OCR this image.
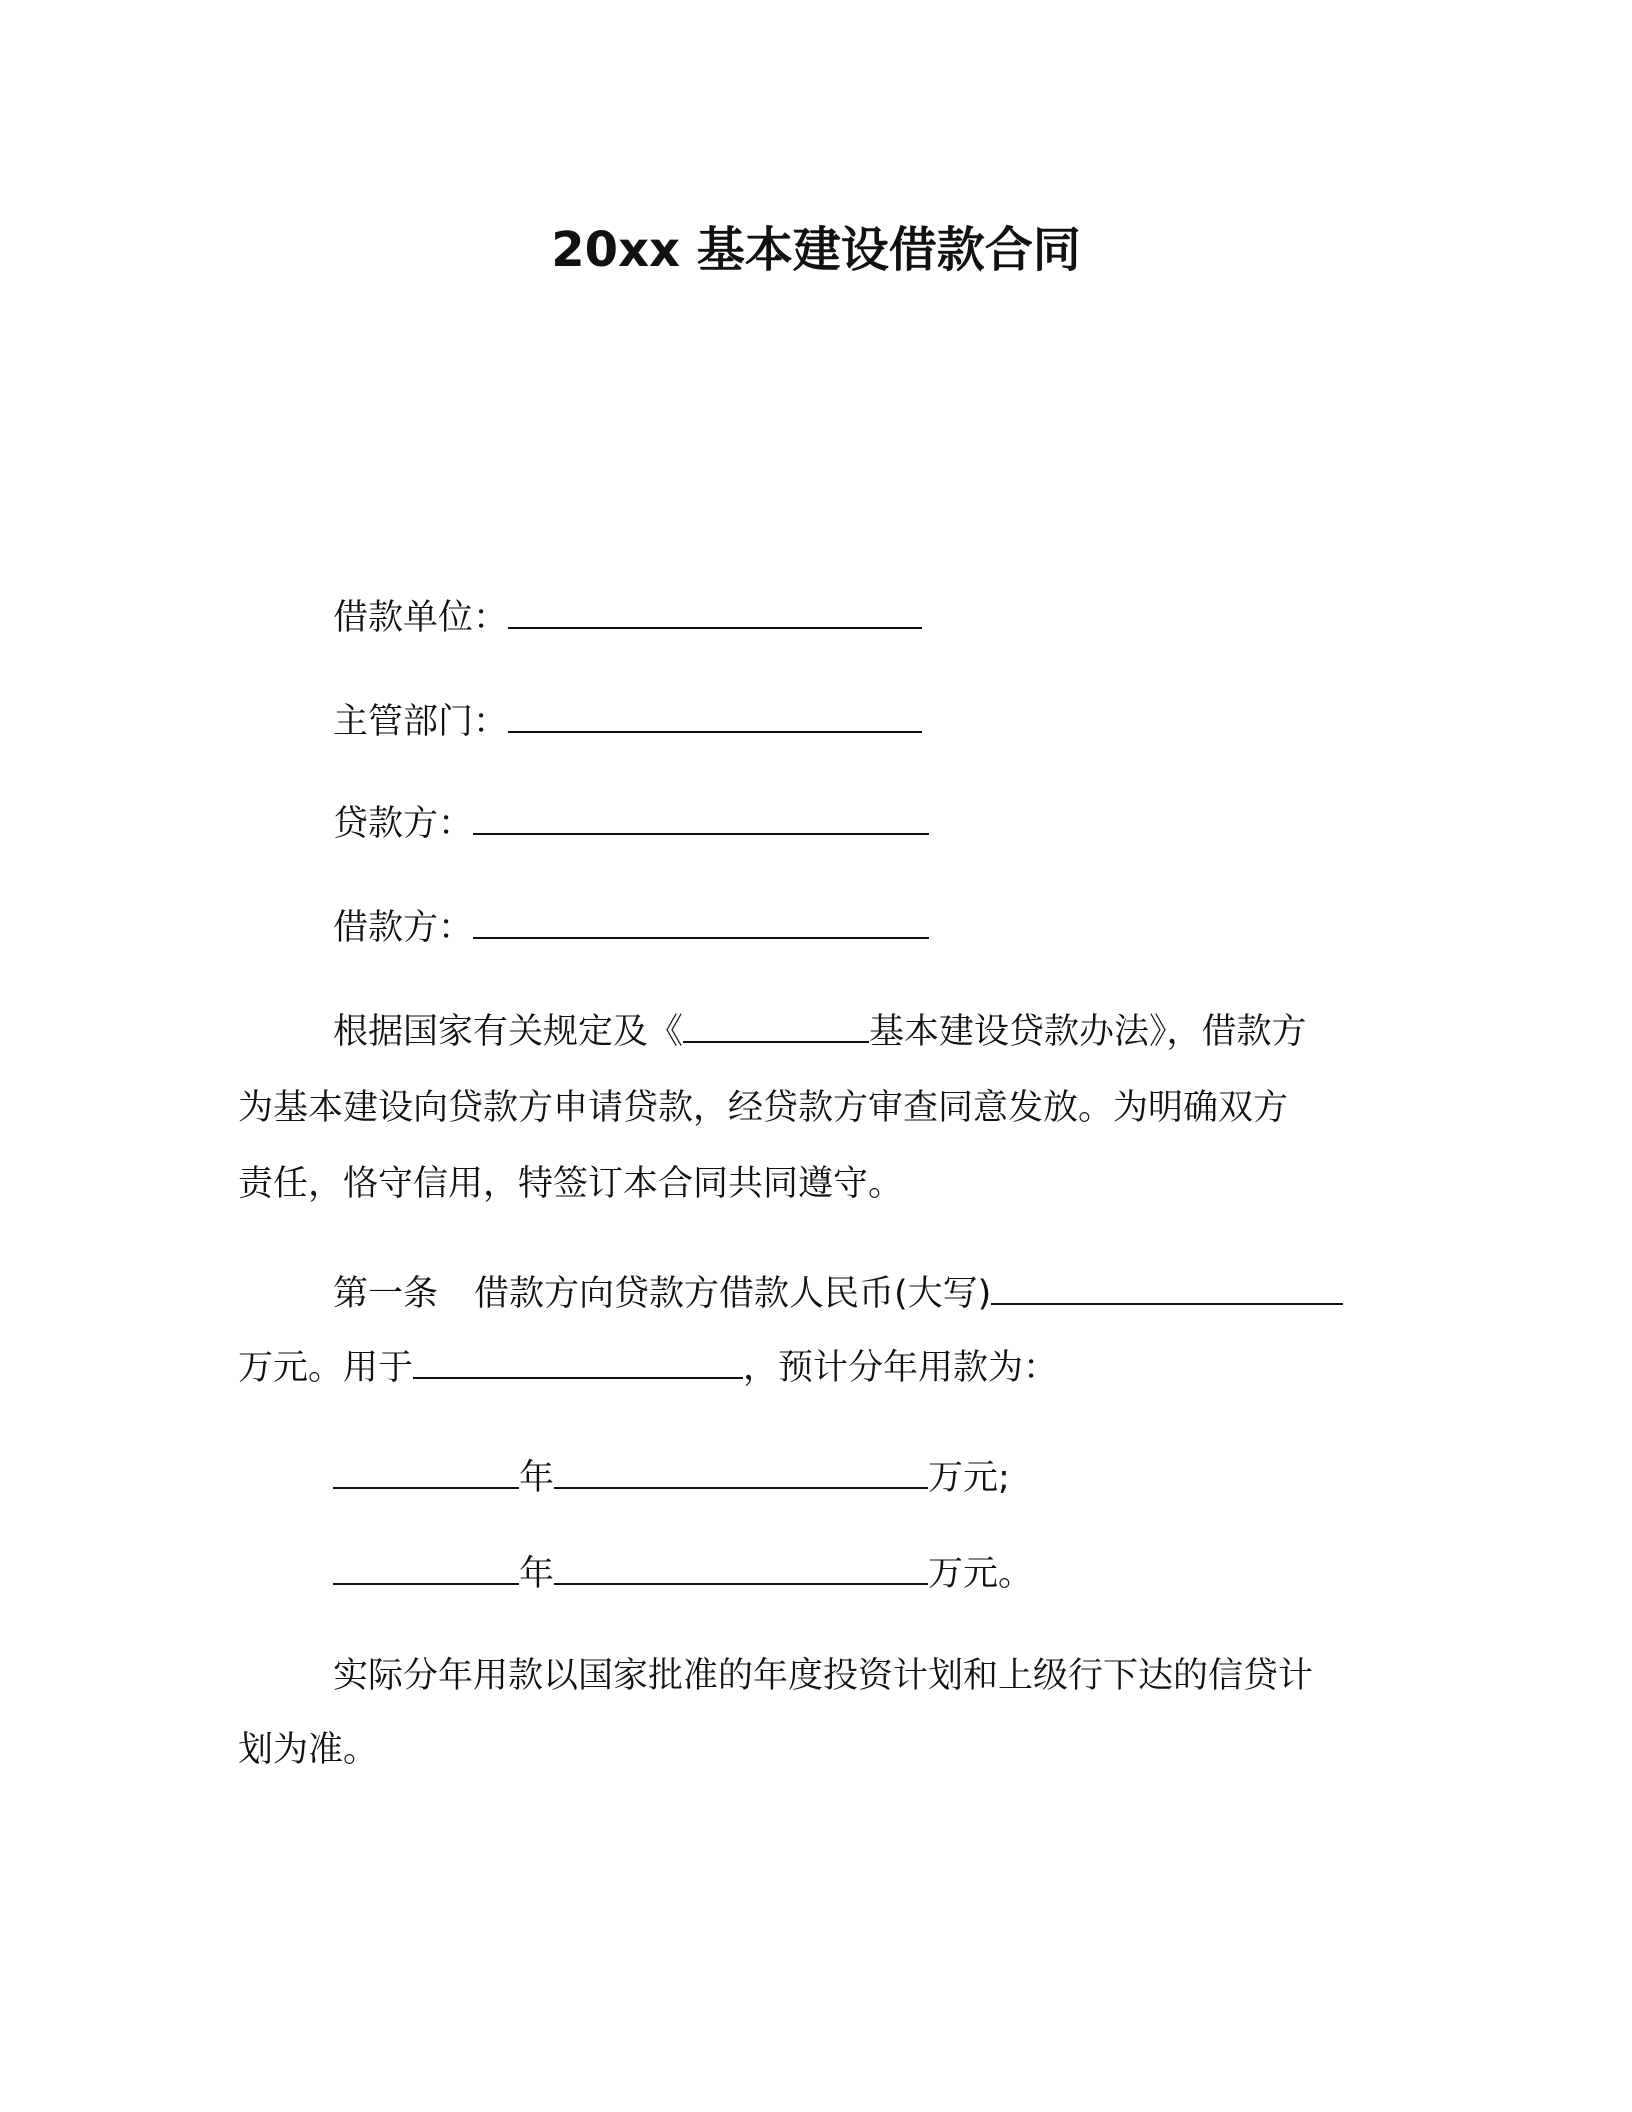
20xx 基本建设借款合同

借款单位：

主管部门：

贷款方：

借款方：

根据国家有关规定及《	基本建设贷款办法》，借款方

为基本建设向贷款方申请贷款，经贷款方审查同意发放。为明确双方

责任，恪守信用，特签订本合同共同遵守。

第一条 借款方向贷款方借款人民币(大写)

万元。用于	，预计分年用款为：

年	万元;

年	万元。

实际分年用款以国家批准的年度投资计划和上级行下达的信贷计

划为准。
